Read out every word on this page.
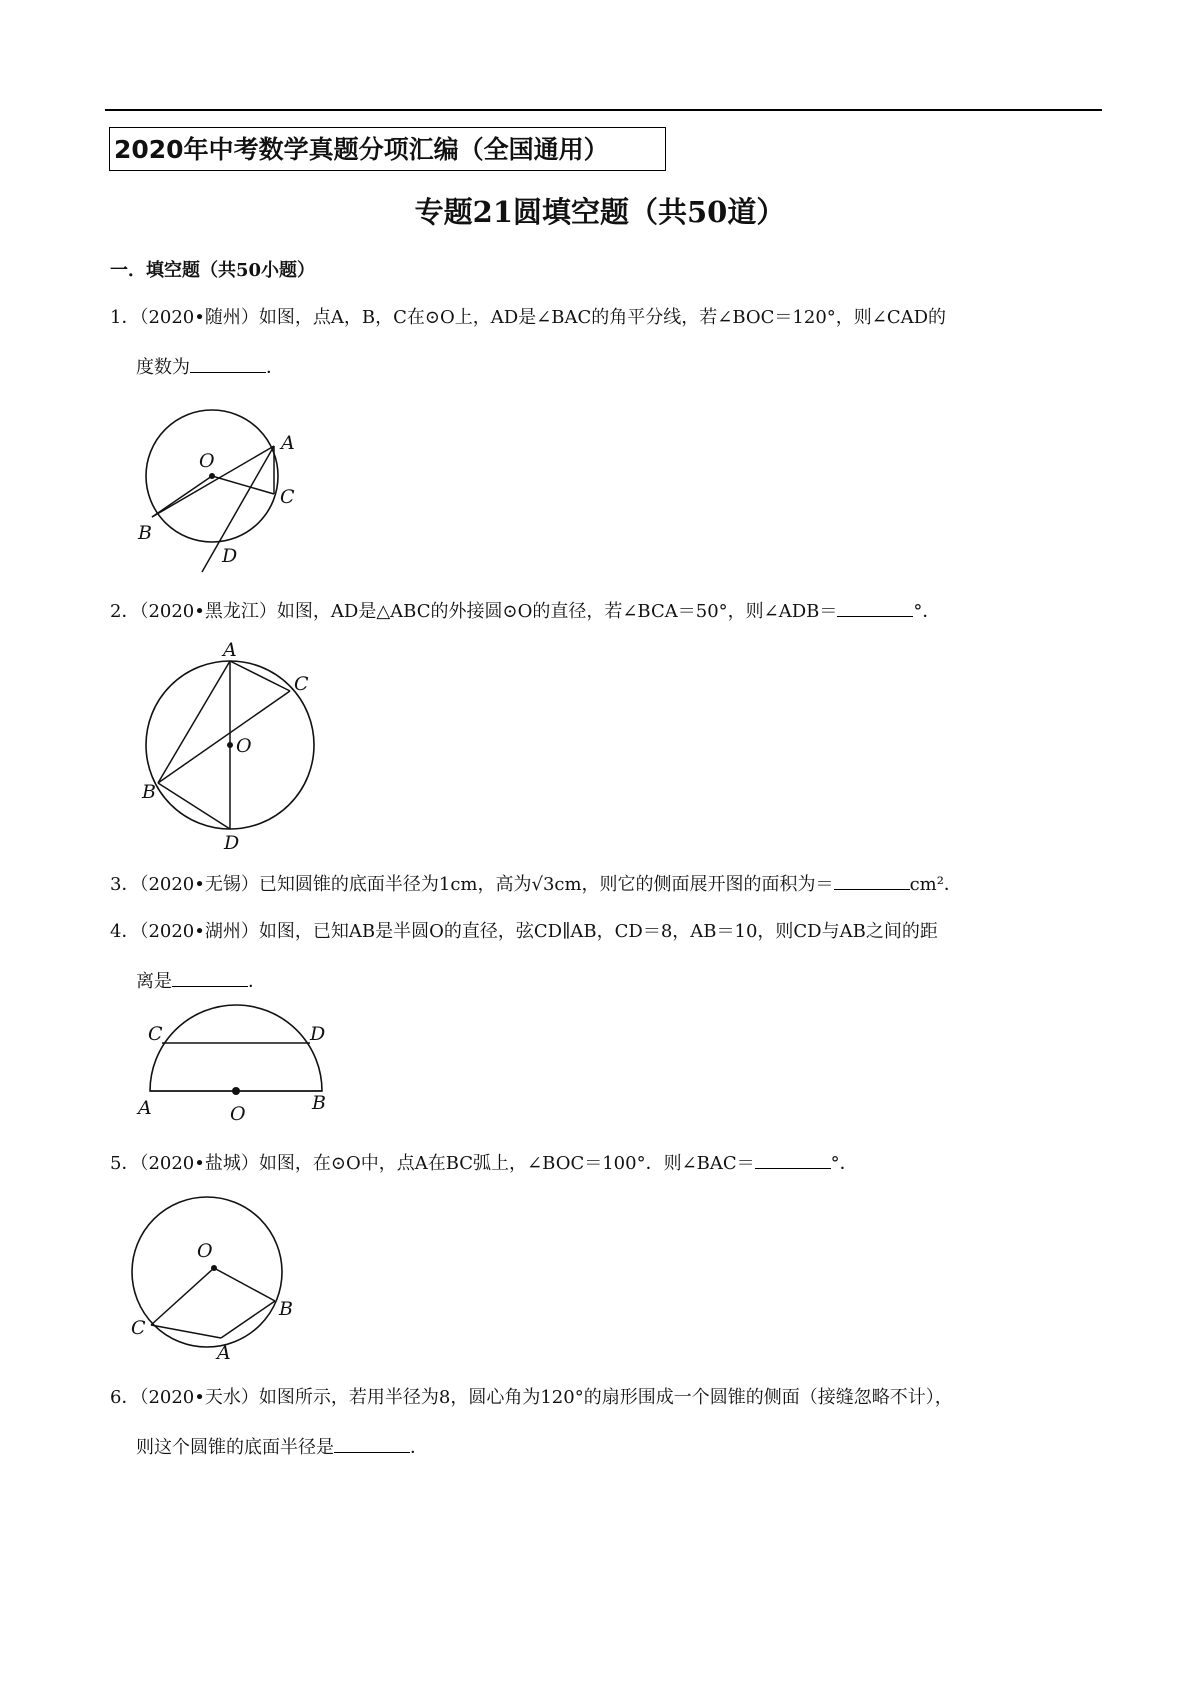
2020年中考数学真题分项汇编（全国通用）
专题21圆填空题（共50道）
一．填空题（共50小题）
1．（2020•随州）如图，点A，B，C在⊙O上，AD是∠BAC的角平分线，若∠BOC＝120°，则∠CAD的
度数为	．
O
A
C
B
D
2．（2020•黑龙江）如图，AD是△ABC的外接圆⊙O的直径，若∠BCA＝50°，则∠ADB＝	°．
A
C
O
B
D
3．（2020•无锡）已知圆锥的底面半径为1cm，高为√3cm，则它的侧面展开图的面积为＝	cm²．
4．（2020•湖州）如图，已知AB是半圆O的直径，弦CD∥AB，CD＝8，AB＝10，则CD与AB之间的距
离是	．
C	D
A	O	B
5．（2020•盐城）如图，在⊙O中，点A在BC弧上，∠BOC＝100°．则∠BAC＝	°．
O
B
C
A
6．（2020•天水）如图所示，若用半径为8，圆心角为120°的扇形围成一个圆锥的侧面（接缝忽略不计），
则这个圆锥的底面半径是	．
